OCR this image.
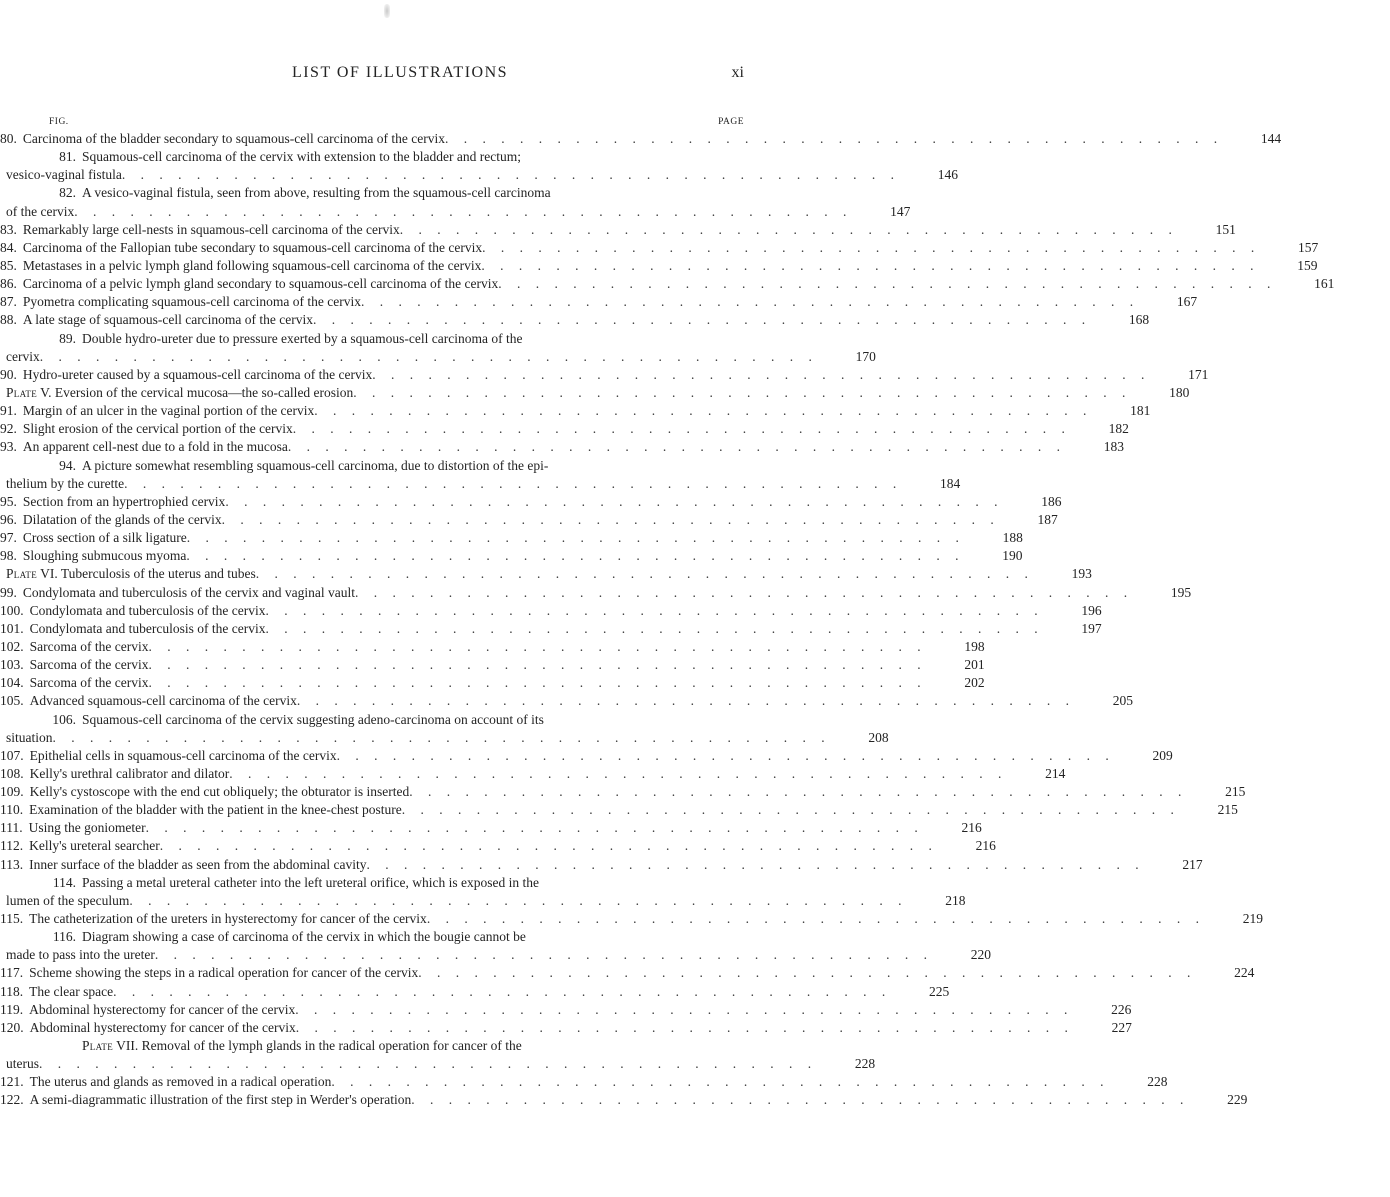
LIST OF ILLUSTRATIONS	xi
FIG.	PAGE
80. Carcinoma of the bladder secondary to squamous-cell carcinoma of the cervix . . . . . . . . . . . . . . . . . . . . . . . . . . . . . . . . . . . . . . . . . .	144
81. Squamous-cell carcinoma of the cervix with extension to the bladder and rectum;
vesico-vaginal fistula . . . . . . . . . . . . . . . . . . . . . . . . . . . . . . . . . . . . . . . . . .	146
82. A vesico-vaginal fistula, seen from above, resulting from the squamous-cell carcinoma
of the cervix . . . . . . . . . . . . . . . . . . . . . . . . . . . . . . . . . . . . . . . . . .	147
83. Remarkably large cell-nests in squamous-cell carcinoma of the cervix . . . . . . . . . . . . . . . . . . . . . . . . . . . . . . . . . . . . . . . . . .	151
84. Carcinoma of the Fallopian tube secondary to squamous-cell carcinoma of the cervix . . . . . . . . . . . . . . . . . . . . . . . . . . . . . . . . . . . . . . . . . .	157
85. Metastases in a pelvic lymph gland following squamous-cell carcinoma of the cervix . . . . . . . . . . . . . . . . . . . . . . . . . . . . . . . . . . . . . . . . . .	159
86. Carcinoma of a pelvic lymph gland secondary to squamous-cell carcinoma of the cervix . . . . . . . . . . . . . . . . . . . . . . . . . . . . . . . . . . . . . . . . . .	161
87. Pyometra complicating squamous-cell carcinoma of the cervix . . . . . . . . . . . . . . . . . . . . . . . . . . . . . . . . . . . . . . . . . .	167
88. A late stage of squamous-cell carcinoma of the cervix . . . . . . . . . . . . . . . . . . . . . . . . . . . . . . . . . . . . . . . . . .	168
89. Double hydro-ureter due to pressure exerted by a squamous-cell carcinoma of the
cervix . . . . . . . . . . . . . . . . . . . . . . . . . . . . . . . . . . . . . . . . . .	170
90. Hydro-ureter caused by a squamous-cell carcinoma of the cervix . . . . . . . . . . . . . . . . . . . . . . . . . . . . . . . . . . . . . . . . . .	171
Plate V. Eversion of the cervical mucosa—the so-called erosion . . . . . . . . . . . . . . . . . . . . . . . . . . . . . . . . . . . . . . . . . .	180
91. Margin of an ulcer in the vaginal portion of the cervix . . . . . . . . . . . . . . . . . . . . . . . . . . . . . . . . . . . . . . . . . .	181
92. Slight erosion of the cervical portion of the cervix . . . . . . . . . . . . . . . . . . . . . . . . . . . . . . . . . . . . . . . . . .	182
93. An apparent cell-nest due to a fold in the mucosa . . . . . . . . . . . . . . . . . . . . . . . . . . . . . . . . . . . . . . . . . .	183
94. A picture somewhat resembling squamous-cell carcinoma, due to distortion of the epi-
thelium by the curette . . . . . . . . . . . . . . . . . . . . . . . . . . . . . . . . . . . . . . . . . .	184
95. Section from an hypertrophied cervix . . . . . . . . . . . . . . . . . . . . . . . . . . . . . . . . . . . . . . . . . .	186
96. Dilatation of the glands of the cervix . . . . . . . . . . . . . . . . . . . . . . . . . . . . . . . . . . . . . . . . . .	187
97. Cross section of a silk ligature . . . . . . . . . . . . . . . . . . . . . . . . . . . . . . . . . . . . . . . . . .	188
98. Sloughing submucous myoma . . . . . . . . . . . . . . . . . . . . . . . . . . . . . . . . . . . . . . . . . .	190
Plate VI. Tuberculosis of the uterus and tubes . . . . . . . . . . . . . . . . . . . . . . . . . . . . . . . . . . . . . . . . . .	193
99. Condylomata and tuberculosis of the cervix and vaginal vault . . . . . . . . . . . . . . . . . . . . . . . . . . . . . . . . . . . . . . . . . .	195
100. Condylomata and tuberculosis of the cervix . . . . . . . . . . . . . . . . . . . . . . . . . . . . . . . . . . . . . . . . . .	196
101. Condylomata and tuberculosis of the cervix . . . . . . . . . . . . . . . . . . . . . . . . . . . . . . . . . . . . . . . . . .	197
102. Sarcoma of the cervix . . . . . . . . . . . . . . . . . . . . . . . . . . . . . . . . . . . . . . . . . .	198
103. Sarcoma of the cervix . . . . . . . . . . . . . . . . . . . . . . . . . . . . . . . . . . . . . . . . . .	201
104. Sarcoma of the cervix . . . . . . . . . . . . . . . . . . . . . . . . . . . . . . . . . . . . . . . . . .	202
105. Advanced squamous-cell carcinoma of the cervix . . . . . . . . . . . . . . . . . . . . . . . . . . . . . . . . . . . . . . . . . .	205
106. Squamous-cell carcinoma of the cervix suggesting adeno-carcinoma on account of its
situation . . . . . . . . . . . . . . . . . . . . . . . . . . . . . . . . . . . . . . . . . .	208
107. Epithelial cells in squamous-cell carcinoma of the cervix . . . . . . . . . . . . . . . . . . . . . . . . . . . . . . . . . . . . . . . . . .	209
108. Kelly's urethral calibrator and dilator . . . . . . . . . . . . . . . . . . . . . . . . . . . . . . . . . . . . . . . . . .	214
109. Kelly's cystoscope with the end cut obliquely; the obturator is inserted . . . . . . . . . . . . . . . . . . . . . . . . . . . . . . . . . . . . . . . . . .	215
110. Examination of the bladder with the patient in the knee-chest posture . . . . . . . . . . . . . . . . . . . . . . . . . . . . . . . . . . . . . . . . . .	215
111. Using the goniometer . . . . . . . . . . . . . . . . . . . . . . . . . . . . . . . . . . . . . . . . . .	216
112. Kelly's ureteral searcher . . . . . . . . . . . . . . . . . . . . . . . . . . . . . . . . . . . . . . . . . .	216
113. Inner surface of the bladder as seen from the abdominal cavity . . . . . . . . . . . . . . . . . . . . . . . . . . . . . . . . . . . . . . . . . .	217
114. Passing a metal ureteral catheter into the left ureteral orifice, which is exposed in the
lumen of the speculum . . . . . . . . . . . . . . . . . . . . . . . . . . . . . . . . . . . . . . . . . .	218
115. The catheterization of the ureters in hysterectomy for cancer of the cervix . . . . . . . . . . . . . . . . . . . . . . . . . . . . . . . . . . . . . . . . . .	219
116. Diagram showing a case of carcinoma of the cervix in which the bougie cannot be
made to pass into the ureter . . . . . . . . . . . . . . . . . . . . . . . . . . . . . . . . . . . . . . . . . .	220
117. Scheme showing the steps in a radical operation for cancer of the cervix . . . . . . . . . . . . . . . . . . . . . . . . . . . . . . . . . . . . . . . . . .	224
118. The clear space . . . . . . . . . . . . . . . . . . . . . . . . . . . . . . . . . . . . . . . . . .	225
119. Abdominal hysterectomy for cancer of the cervix . . . . . . . . . . . . . . . . . . . . . . . . . . . . . . . . . . . . . . . . . .	226
120. Abdominal hysterectomy for cancer of the cervix . . . . . . . . . . . . . . . . . . . . . . . . . . . . . . . . . . . . . . . . . .	227
Plate VII. Removal of the lymph glands in the radical operation for cancer of the
uterus . . . . . . . . . . . . . . . . . . . . . . . . . . . . . . . . . . . . . . . . . .	228
121. The uterus and glands as removed in a radical operation . . . . . . . . . . . . . . . . . . . . . . . . . . . . . . . . . . . . . . . . . .	228
122. A semi-diagrammatic illustration of the first step in Werder's operation . . . . . . . . . . . . . . . . . . . . . . . . . . . . . . . . . . . . . . . . . .	229
